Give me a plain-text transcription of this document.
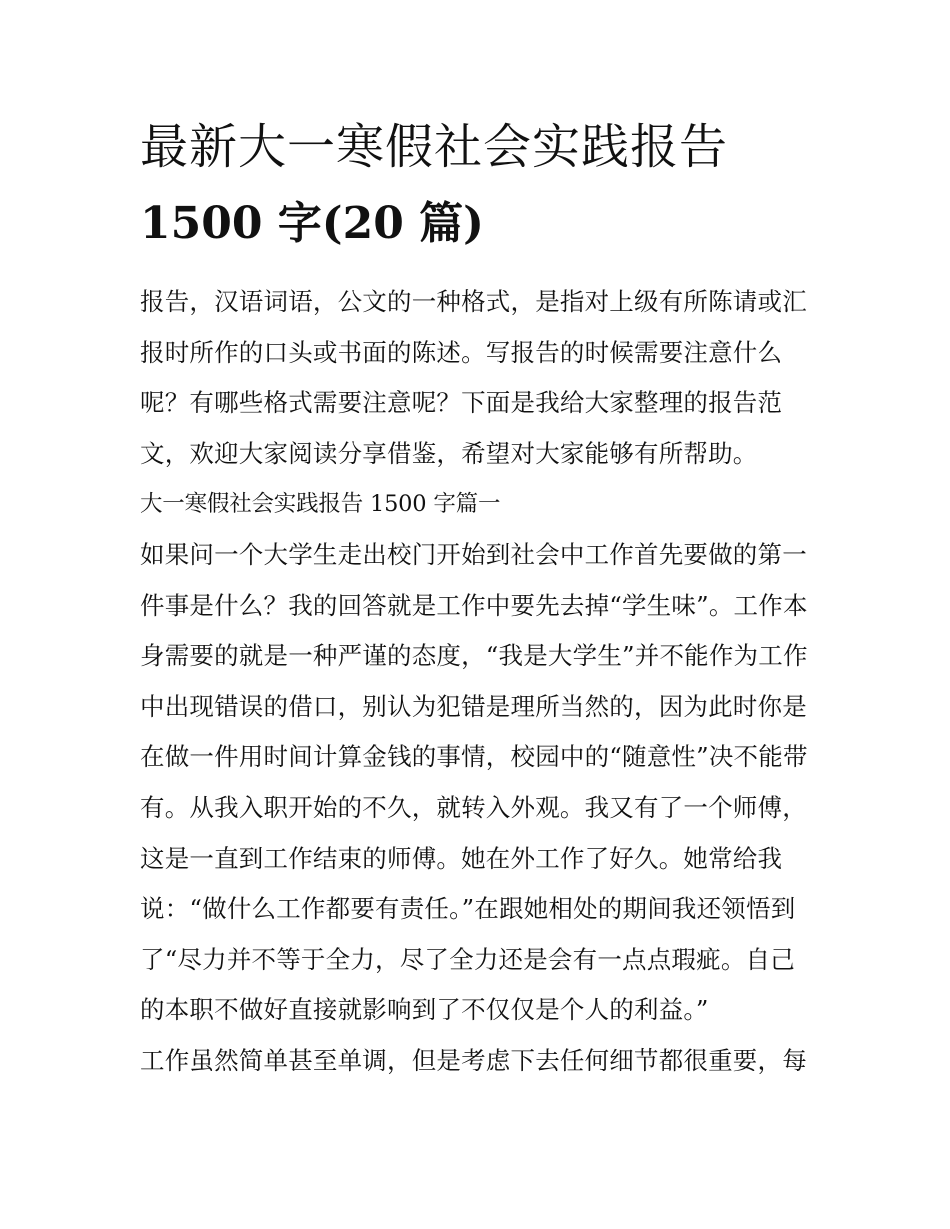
最新大一寒假社会实践报告
1500 字(20 篇)
报告，汉语词语，公文的一种格式，是指对上级有所陈请或汇
报时所作的口头或书面的陈述。写报告的时候需要注意什么
呢？有哪些格式需要注意呢？下面是我给大家整理的报告范
文，欢迎大家阅读分享借鉴，希望对大家能够有所帮助。
大一寒假社会实践报告 1500 字篇一
如果问一个大学生走出校门开始到社会中工作首先要做的第一
件事是什么？我的回答就是工作中要先去掉“学生味”。工作本
身需要的就是一种严谨的态度，“我是大学生”并不能作为工作
中出现错误的借口，别认为犯错是理所当然的，因为此时你是
在做一件用时间计算金钱的事情，校园中的“随意性”决不能带
有。从我入职开始的不久，就转入外观。我又有了一个师傅，
这是一直到工作结束的师傅。她在外工作了好久。她常给我
说：“做什么工作都要有责任。”在跟她相处的期间我还领悟到
了“尽力并不等于全力，尽了全力还是会有一点点瑕疵。自己
的本职不做好直接就影响到了不仅仅是个人的利益。”
工作虽然简单甚至单调，但是考虑下去任何细节都很重要，每
